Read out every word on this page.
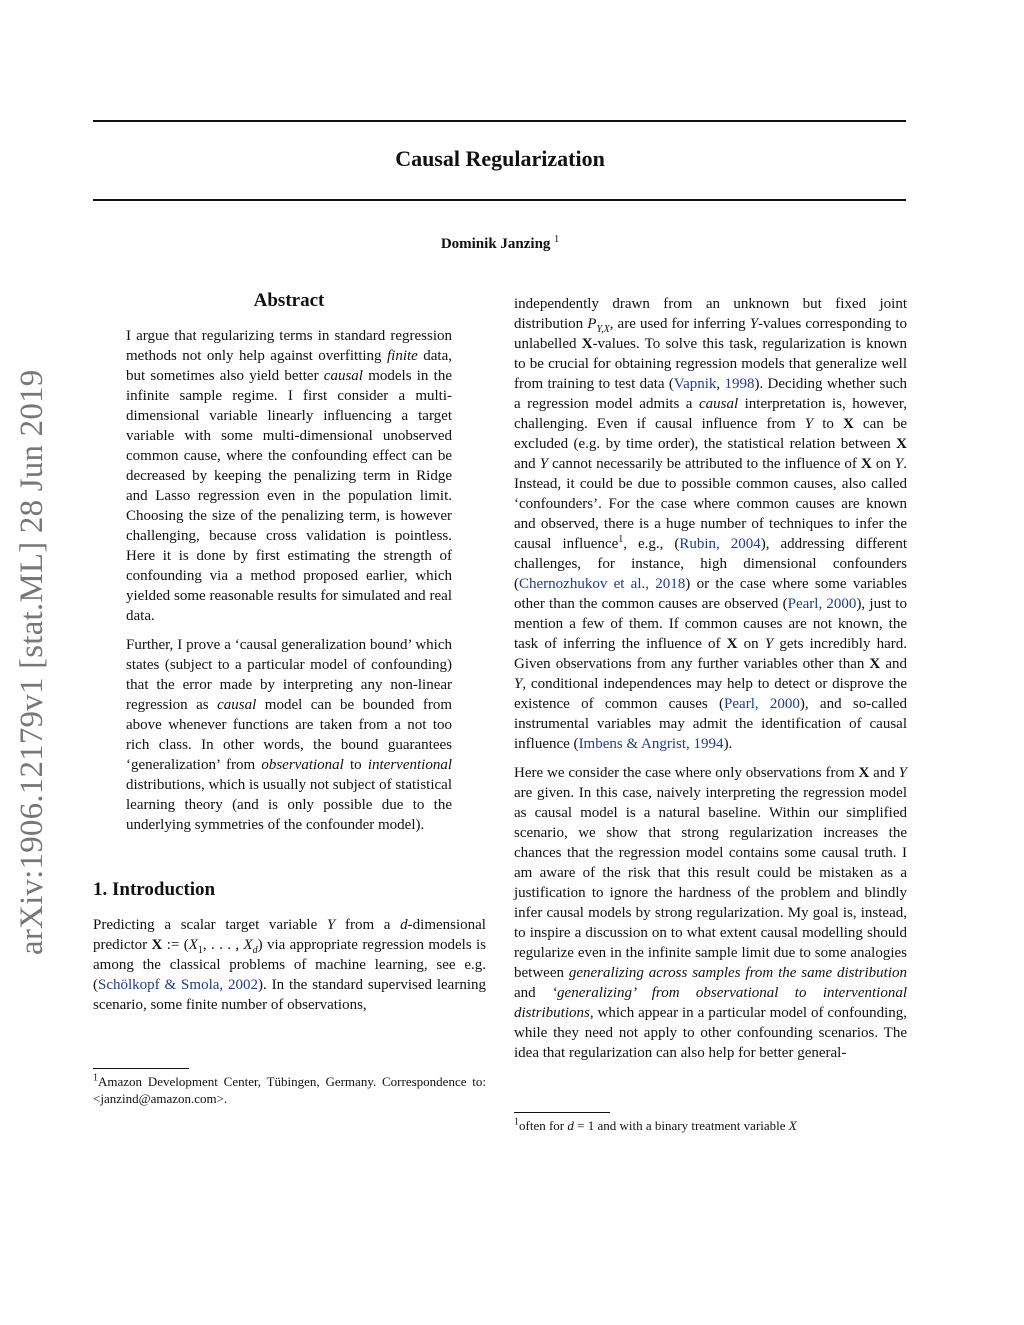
arXiv:1906.12179v1 [stat.ML] 28 Jun 2019
Causal Regularization
Dominik Janzing $^1$
Abstract

I argue that regularizing terms in standard regression methods not only help against overfitting finite data, but sometimes also yield better causal models in the infinite sample regime. I first consider a multi-dimensional variable linearly influencing a target variable with some multi-dimensional unobserved common cause, where the confounding effect can be decreased by keeping the penalizing term in Ridge and Lasso regression even in the population limit. Choosing the size of the penalizing term, is however challenging, because cross validation is pointless. Here it is done by first estimating the strength of confounding via a method proposed earlier, which yielded some reasonable results for simulated and real data.

Further, I prove a ‘causal generalization bound’ which states (subject to a particular model of confounding) that the error made by interpreting any non-linear regression as causal model can be bounded from above whenever functions are taken from a not too rich class. In other words, the bound guarantees ‘generalization’ from observational to interventional distributions, which is usually not subject of statistical learning theory (and is only possible due to the underlying symmetries of the confounder model).

1. Introduction

Predicting a scalar target variable Y from a d-dimensional predictor X := ($X_1$, . . . , $X_d$) via appropriate regression models is among the classical problems of machine learning, see e.g. (Schölkopf & Smola, 2002). In the standard supervised learning scenario, some finite number of observations,

$^1$Amazon Development Center, Tübingen, Germany. Correspondence to: <janzind@amazon.com>.

independently drawn from an unknown but fixed joint distribution $P_{Y,X}$, are used for inferring Y-values corresponding to unlabelled X-values. To solve this task, regularization is known to be crucial for obtaining regression models that generalize well from training to test data (Vapnik, 1998). Deciding whether such a regression model admits a causal interpretation is, however, challenging. Even if causal influence from Y to X can be excluded (e.g. by time order), the statistical relation between X and Y cannot necessarily be attributed to the influence of X on Y. Instead, it could be due to possible common causes, also called ‘confounders’. For the case where common causes are known and observed, there is a huge number of techniques to infer the causal influence$^1$, e.g., (Rubin, 2004), addressing different challenges, for instance, high dimensional confounders (Chernozhukov et al., 2018) or the case where some variables other than the common causes are observed (Pearl, 2000), just to mention a few of them. If common causes are not known, the task of inferring the influence of X on Y gets incredibly hard. Given observations from any further variables other than X and Y, conditional independences may help to detect or disprove the existence of common causes (Pearl, 2000), and so-called instrumental variables may admit the identification of causal influence (Imbens & Angrist, 1994).

Here we consider the case where only observations from X and Y are given. In this case, naively interpreting the regression model as causal model is a natural baseline. Within our simplified scenario, we show that strong regularization increases the chances that the regression model contains some causal truth. I am aware of the risk that this result could be mistaken as a justification to ignore the hardness of the problem and blindly infer causal models by strong regularization. My goal is, instead, to inspire a discussion on to what extent causal modelling should regularize even in the infinite sample limit due to some analogies between generalizing across samples from the same distribution and ‘generalizing’ from observational to interventional distributions, which appear in a particular model of confounding, while they need not apply to other confounding scenarios. The idea that regularization can also help for better general-

$^1$often for d = 1 and with a binary treatment variable X
